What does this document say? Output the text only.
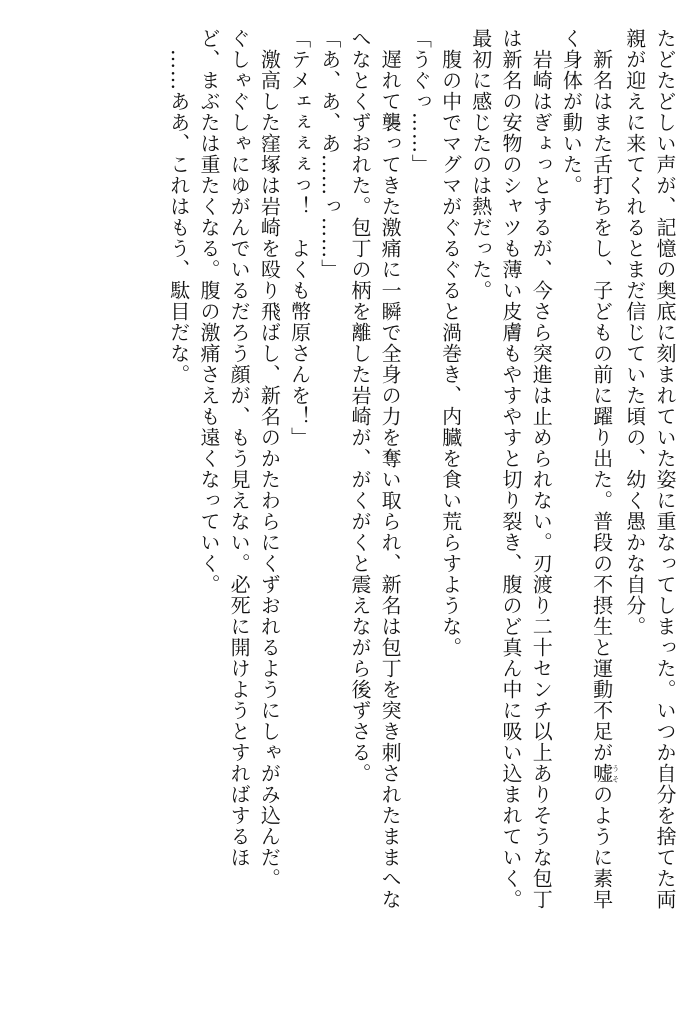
たどたどしい声が、記憶の奥底に刻まれていた姿に重なってしまった。いつか自分を捨てた両
親が迎えに来てくれるとまだ信じていた頃の、幼く愚かな自分。
　新名はまた舌打ちをし、子どもの前に躍り出た。普段の不摂生と運動不足が嘘うそのように素早
く身体が動いた。
　岩崎はぎょっとするが、今さら突進は止められない。刃渡り二十センチ以上ありそうな包丁
は新名の安物のシャツも薄い皮膚もやすやすと切り裂き、腹のど真ん中に吸い込まれていく。
最初に感じたのは熱だった。
　腹の中でマグマがぐるぐると渦巻き、内臓を食い荒らすような。
「うぐっ……」
　遅れて襲ってきた激痛に一瞬で全身の力を奪い取られ、新名は包丁を突き刺されたままへな
へなとくずおれた。包丁の柄を離した岩崎が、がくがくと震えながら後ずさる。
「あ、あ、あ……っ……」
「テメェぇぇぇっ！　よくも幣原さんを！」
　激高した窪塚は岩崎を殴り飛ばし、新名のかたわらにくずおれるようにしゃがみ込んだ。
ぐしゃぐしゃにゆがんでいるだろう顔が、もう見えない。必死に開けようとすればするほ
ど、まぶたは重たくなる。腹の激痛さえも遠くなっていく。
　……ああ、これはもう、駄目だな。
